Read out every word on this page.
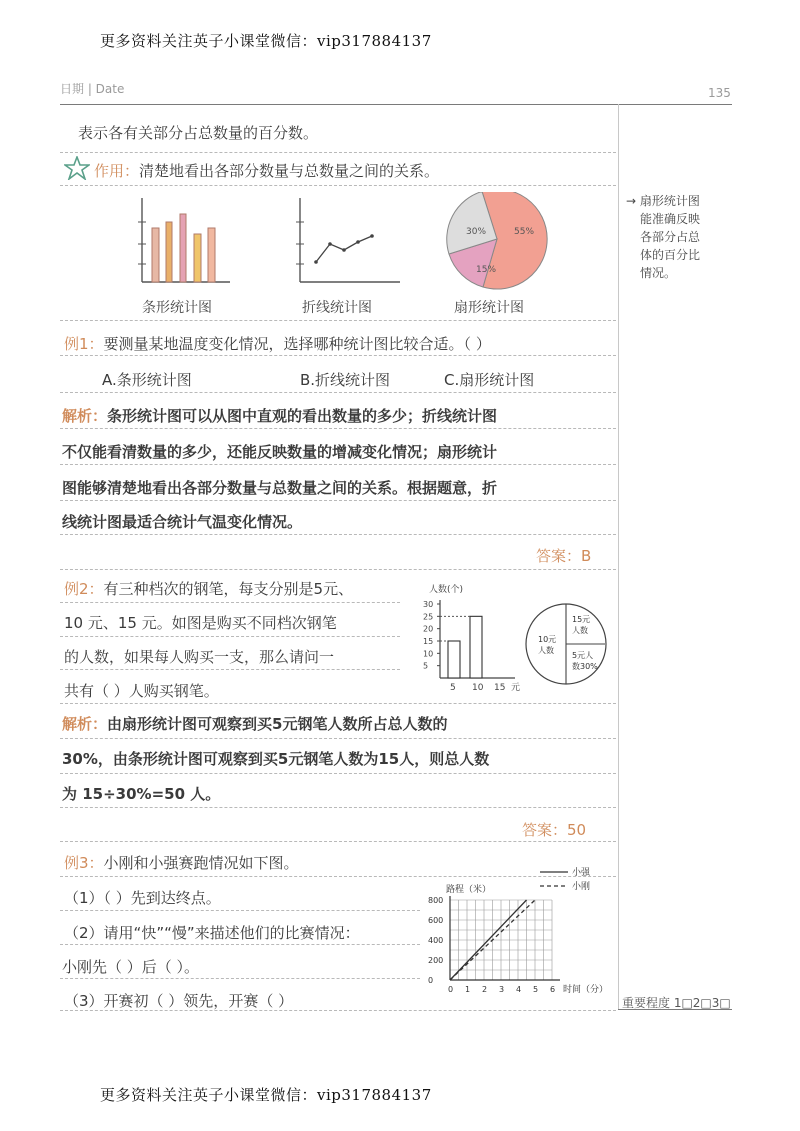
更多资料关注英子小课堂微信：vip317884137
日期 | Date	135
表示各有关部分占总数量的百分数。
作用：清楚地看出各部分数量与总数量之间的关系。
30%	55%
15%
条形统计图	折线统计图	扇形统计图
→ 扇形统计图
能准确反映
各部分占总
体的百分比
情况。
例1：要测量某地温度变化情况，选择哪种统计图比较合适。（ ）
A.条形统计图	B.折线统计图	C.扇形统计图
解析：条形统计图可以从图中直观的看出数量的多少；折线统计图
不仅能看清数量的多少，还能反映数量的增减变化情况；扇形统计
图能够清楚地看出各部分数量与总数量之间的关系。根据题意，折
线统计图最适合统计气温变化情况。
答案：B
例2：有三种档次的钢笔，每支分别是5元、
10 元、15 元。如图是购买不同档次钢笔
的人数，如果每人购买一支，那么请问一
共有（ ）人购买钢笔。
人数(个)
5
10
15
20
25
30
5 10 15 元
15元
人数
10元
人数
5元人
数30%
解析：由扇形统计图可观察到买5元钢笔人数所占总人数的
30%，由条形统计图可观察到买5元钢笔人数为15人，则总人数
为 15÷30%=50 人。
答案：50
例3：小刚和小强赛跑情况如下图。
（1）（ ）先到达终点。
（2）请用“快”“慢”来描述他们的比赛情况：
小刚先（ ）后（ ）。
（3）开赛初（ ）领先，开赛（ ）
小强
小刚
路程（米）
0
200
400
600
800
0 1 2 3 4 5 6 时间（分）
重要程度 1□2□3□
更多资料关注英子小课堂微信：vip317884137
